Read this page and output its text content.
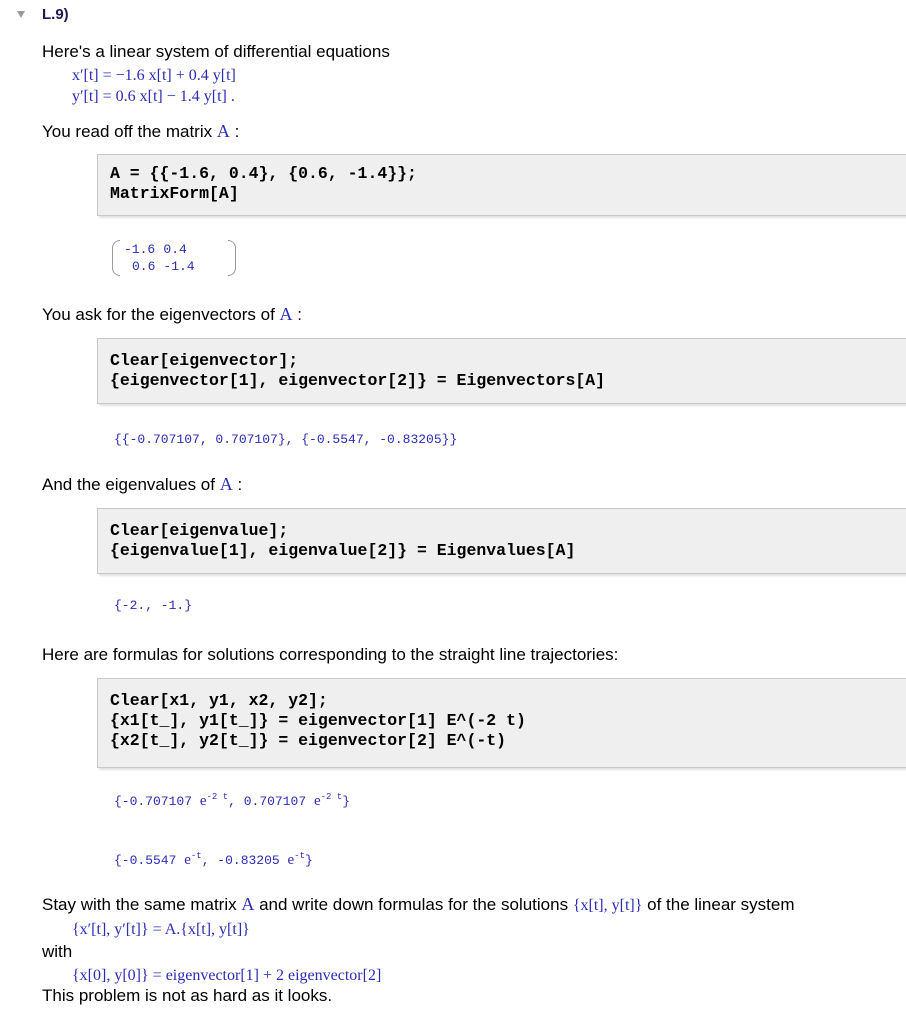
L.9)
Here's a linear system of differential equations
x′[t] = −1.6 x[t] + 0.4 y[t]
y′[t] = 0.6 x[t] − 1.4 y[t] .
You read off the matrix A :
A = {{-1.6, 0.4}, {0.6, -1.4}};
MatrixForm[A]
-1.6	0.4
0.6	-1.4
You ask for the eigenvectors of A :
Clear[eigenvector];
{eigenvector[1], eigenvector[2]} = Eigenvectors[A]
{{-0.707107, 0.707107}, {-0.5547, -0.83205}}
And the eigenvalues of A :
Clear[eigenvalue];
{eigenvalue[1], eigenvalue[2]} = Eigenvalues[A]
{-2., -1.}
Here are formulas for solutions corresponding to the straight line trajectories:
Clear[x1, y1, x2, y2];
{x1[t_], y1[t_]} = eigenvector[1] E^(-2 t)
{x2[t_], y2[t_]} = eigenvector[2] E^(-t)
{-0.707107 $e^{-2 t}$, 0.707107 $e^{-2 t}$}
{-0.5547 $e^{-t}$, -0.83205 $e^{-t}$}
Stay with the same matrix A and write down formulas for the solutions {x[t], y[t]} of the linear system
{x′[t], y′[t]} = A.{x[t], y[t]}
with
{x[0], y[0]} = eigenvector[1] + 2 eigenvector[2]
This problem is not as hard as it looks.
